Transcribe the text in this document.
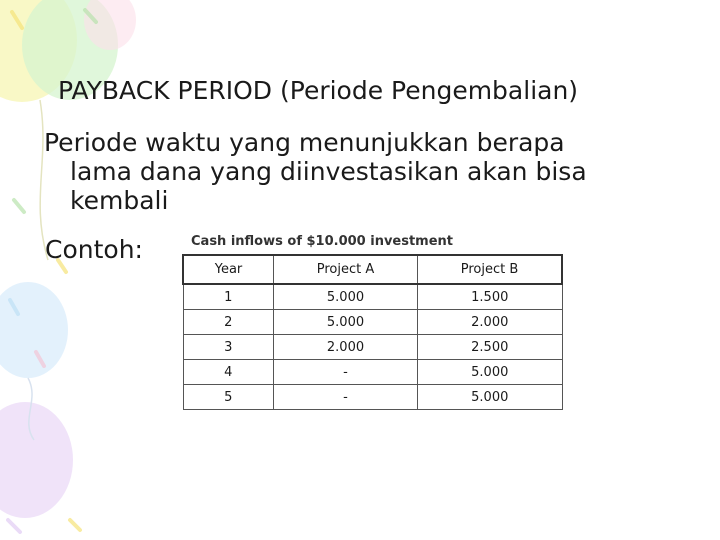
PAYBACK PERIOD (Periode Pengembalian)
Periode waktu yang menunjukkan berapa
lama dana yang diinvestasikan akan bisa
kembali
Contoh:	Cash inflows of $10.000 investment
Year	Project A	Project B
1	5.000	1.500
2	5.000	2.000
3	2.000	2.500
4	-	5.000
5	-	5.000
